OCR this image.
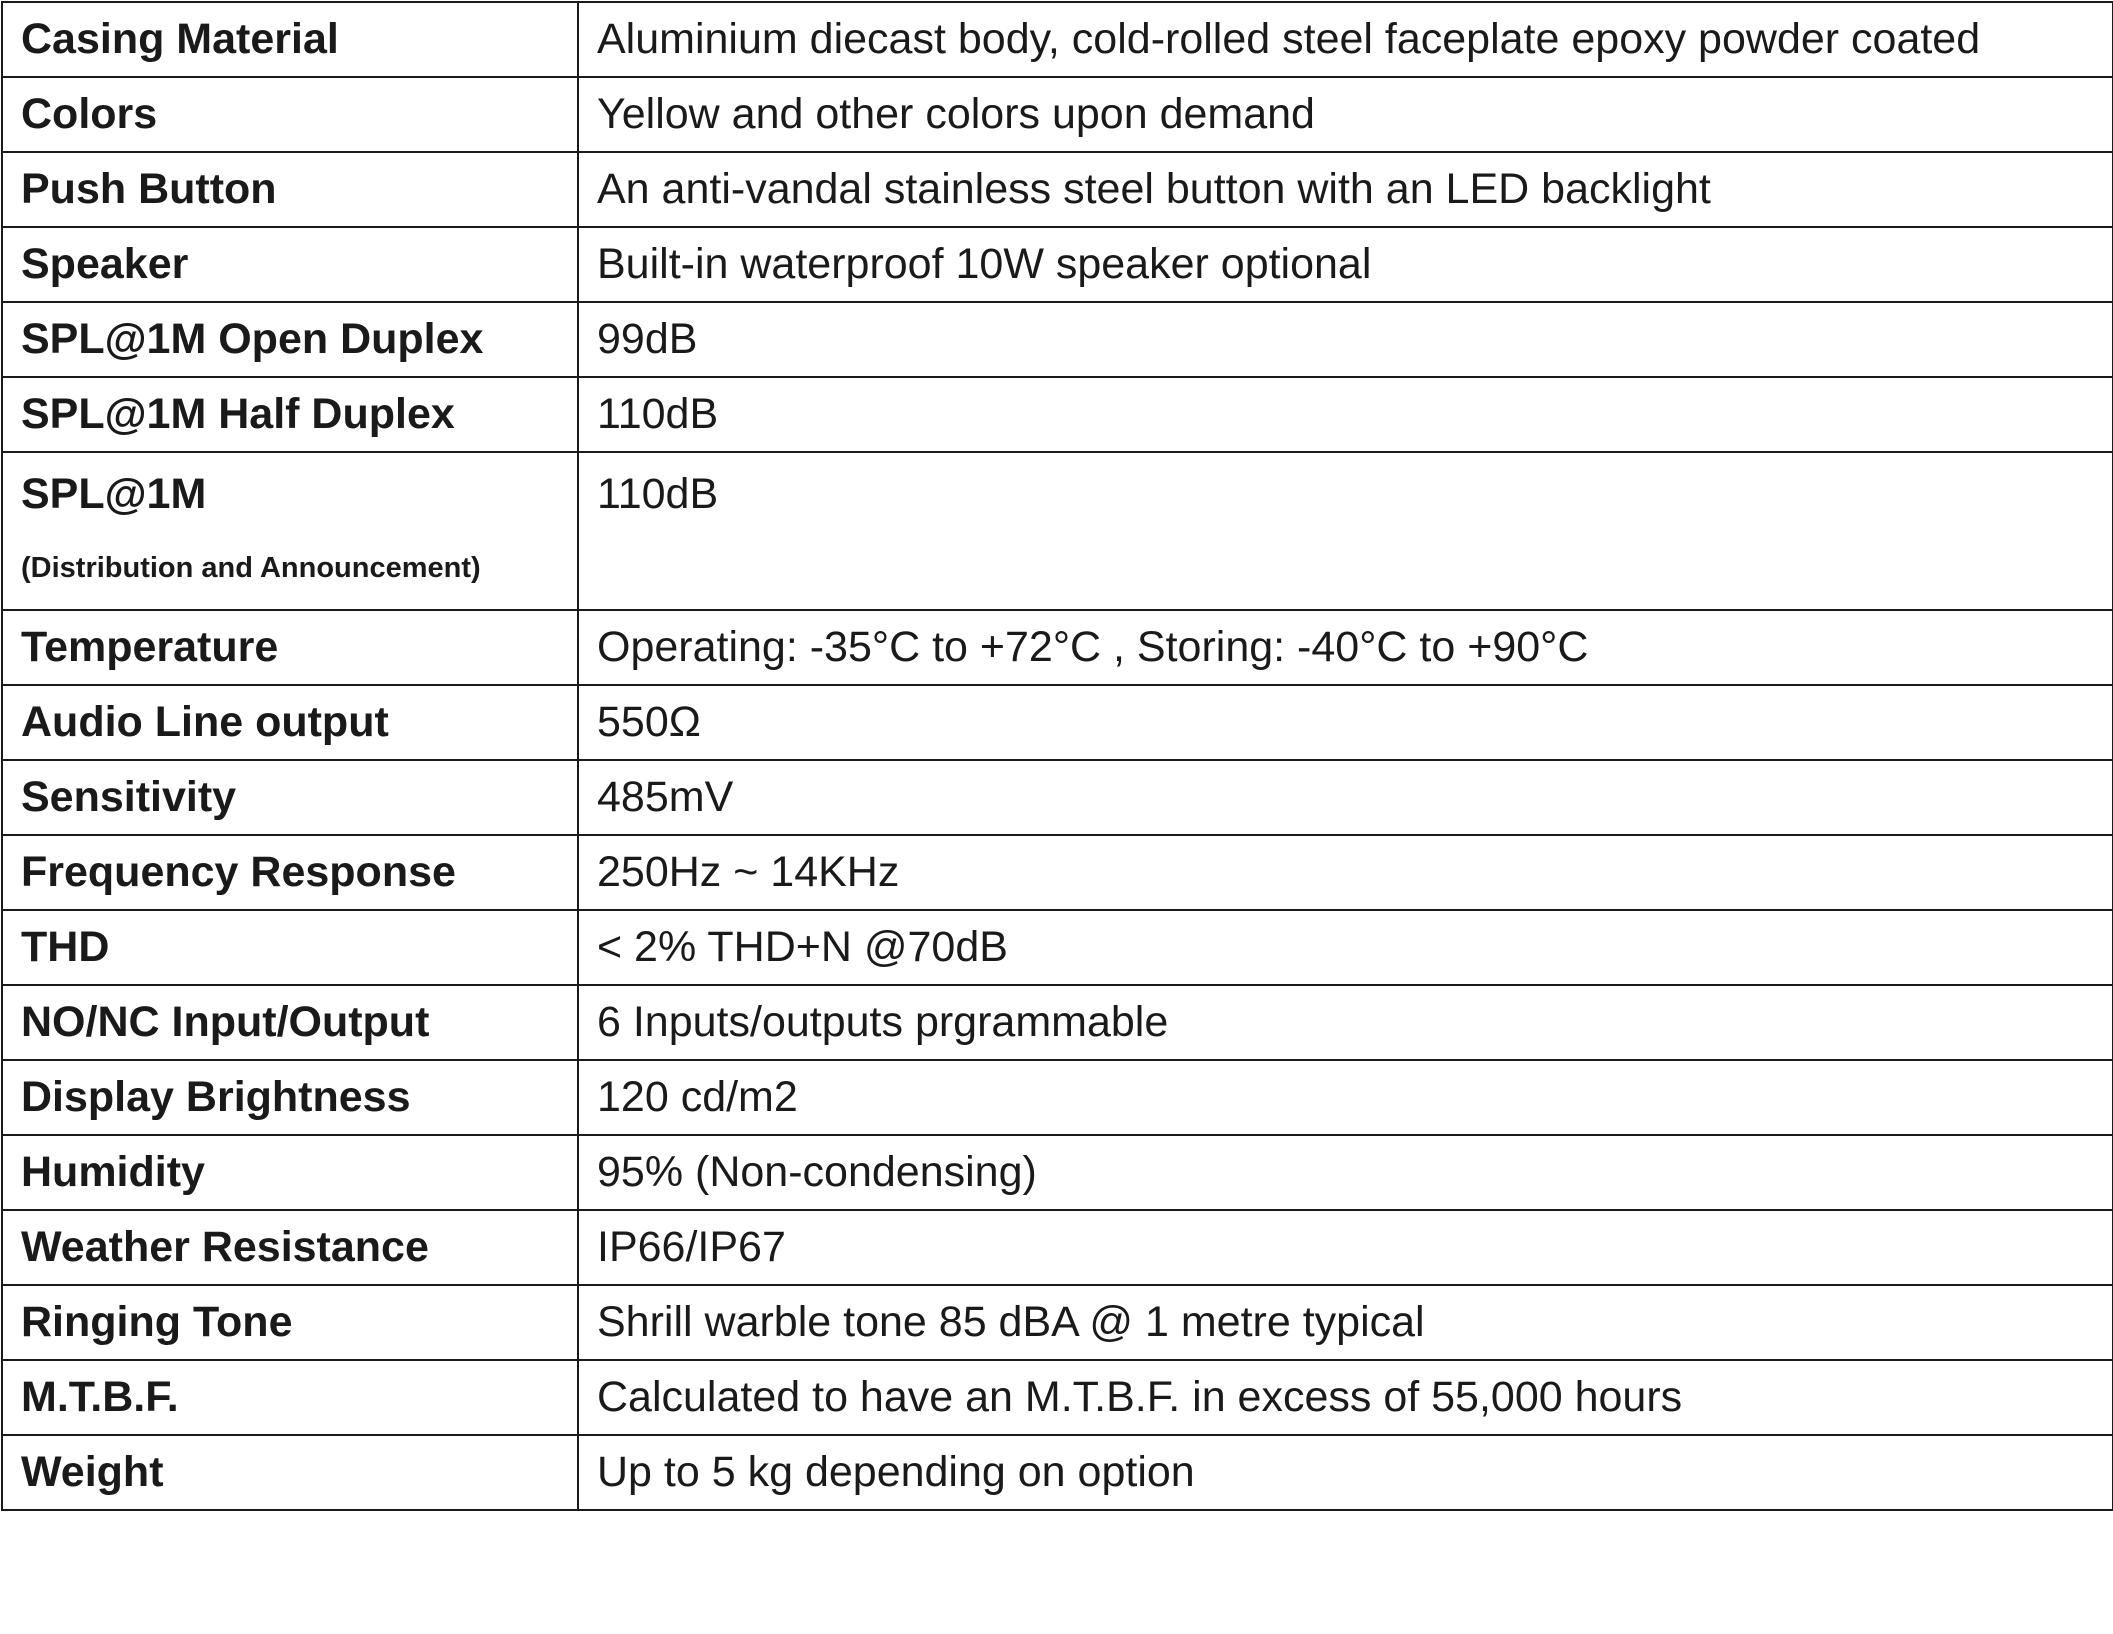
Casing Material	Aluminium diecast body, cold-rolled steel faceplate epoxy powder coated
Colors	Yellow and other colors upon demand
Push Button	An anti-vandal stainless steel button with an LED backlight
Speaker	Built-in waterproof 10W speaker optional
SPL@1M Open Duplex	99dB
SPL@1M Half Duplex	110dB
SPL@1M
(Distribution and Announcement)	110dB
Temperature	Operating: -35°C to +72°C , Storing: -40°C to +90°C
Audio Line output	550Ω
Sensitivity	485mV
Frequency Response	250Hz ~ 14KHz
THD	< 2% THD+N @70dB
NO/NC Input/Output	6 Inputs/outputs prgrammable
Display Brightness	120 cd/m2
Humidity	95% (Non-condensing)
Weather Resistance	IP66/IP67
Ringing Tone	Shrill warble tone 85 dBA @ 1 metre typical
M.T.B.F.	Calculated to have an M.T.B.F. in excess of 55,000 hours
Weight	Up to 5 kg depending on option
